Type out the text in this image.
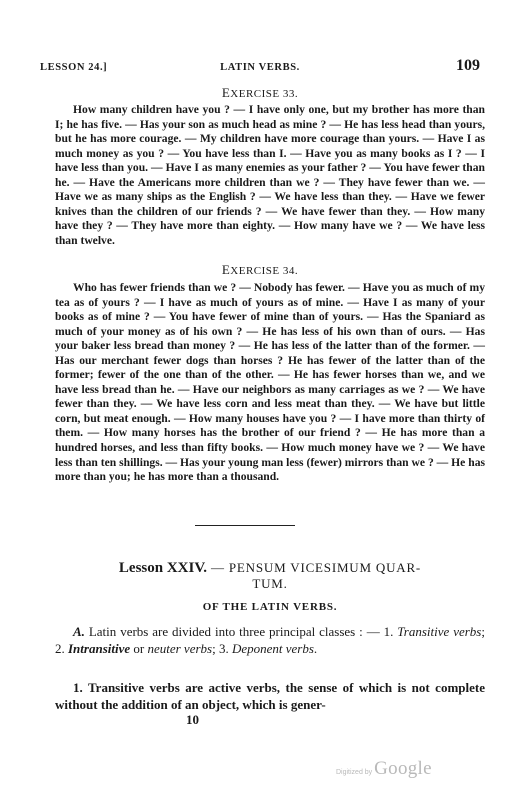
LESSON 24.]	LATIN VERBS.	109
EXERCISE 33.

How many children have you ? — I have only one, but my brother has more than I; he has five. — Has your son as much head as mine ? — He has less head than yours, but he has more courage. — My children have more courage than yours. — Have I as much money as you ? — You have less than I. — Have you as many books as I ? — I have less than you. — Have I as many enemies as your father ? — You have fewer than he. — Have the Americans more children than we ? — They have fewer than we. — Have we as many ships as the English ? — We have less than they. — Have we fewer knives than the children of our friends ? — We have fewer than they. — How many have they ? — They have more than eighty. — How many have we ? — We have less than twelve.

EXERCISE 34.

Who has fewer friends than we ? — Nobody has fewer. — Have you as much of my tea as of yours ? — I have as much of yours as of mine. — Have I as many of your books as of mine ? — You have fewer of mine than of yours. — Has the Spaniard as much of your money as of his own ? — He has less of his own than of ours. — Has your baker less bread than money ? — He has less of the latter than of the former. — Has our merchant fewer dogs than horses ? He has fewer of the latter than of the former; fewer of the one than of the other. — He has fewer horses than we, and we have less bread than he. — Have our neighbors as many carriages as we ? — We have fewer than they. — We have less corn and less meat than they. — We have but little corn, but meat enough. — How many houses have you ? — I have more than thirty of them. — How many horses has the brother of our friend ? — He has more than a hundred horses, and less than fifty books. — How much money have we ? — We have less than ten shillings. — Has your young man less (fewer) mirrors than we ? — He has more than you; he has more than a thousand.

Lesson XXIV. — PENSUM VICESIMUM QUAR-
TUM.
OF THE LATIN VERBS.

A. Latin verbs are divided into three principal classes : — 1. Transitive verbs; 2. Intransitive or neuter verbs; 3. Deponent verbs.

1. Transitive verbs are active verbs, the sense of which is not complete without the addition of an object, which is gener-

10
Digitized by Google
